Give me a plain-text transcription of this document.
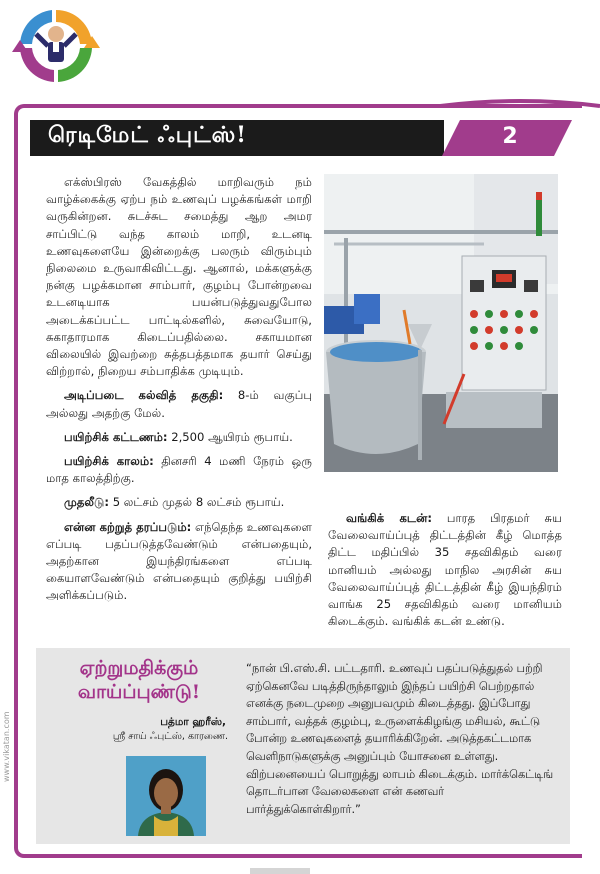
ரெடிமேட் ஃபுட்ஸ்!	2

எக்ஸ்பிரஸ் வேகத்தில் மாறிவரும் நம் வாழ்க்கைக்கு ஏற்ப நம் உணவுப் பழக்கங்கள் மாறி வருகின்றன. சுடச்சுட சமைத்து ஆற அமர சாப்பிட்டு வந்த காலம் மாறி, உடனடி உணவுகளையே இன்றைக்கு பலரும் விரும்பும் நிலைமை உருவாகிவிட்டது. ஆனால், மக்களுக்கு நன்கு பழக்கமான சாம்பார், குழம்பு போன்றவை உடனடியாக பயன்படுத்துவதுபோல அடைக்கப்பட்ட பாட்டில்களில், சுவையோடு, சுகாதாரமாக கிடைப்பதில்லை. சகாயமான விலையில் இவற்றை சுத்தபத்தமாக தயார் செய்து விற்றால், நிறைய சம்பாதிக்க முடியும்.

அடிப்படை கல்வித் தகுதி: 8-ம் வகுப்பு அல்லது அதற்கு மேல்.

பயிற்சிக் கட்டணம்: 2,500 ஆயிரம் ரூபாய்.

பயிற்சிக் காலம்: தினசரி 4 மணி நேரம் ஒரு மாத காலத்திற்கு.

முதலீடு: 5 லட்சம் முதல் 8 லட்சம் ரூபாய்.

என்ன கற்றுத் தரப்படும்: எந்தெந்த உணவுகளை எப்படி பதப்படுத்தவேண்டும் என்பதையும், அதற்கான இயந்திரங்களை எப்படி கையாளவேண்டும் என்பதையும் குறித்து பயிற்சி அளிக்கப்படும்.

வங்கிக் கடன்: பாரத பிரதமர் சுய வேலைவாய்ப்புத் திட்டத்தின் கீழ் மொத்த திட்ட மதிப்பில் 35 சதவிகிதம் வரை மானியம் அல்லது மாநில அரசின் சுய வேலைவாய்ப்புத் திட்டத்தின் கீழ் இயந்திரம் வாங்க 25 சதவிகிதம் வரை மானியம் கிடைக்கும். வங்கிக் கடன் உண்டு.

ஏற்றுமதிக்கும்
வாய்ப்புண்டு!
பத்மா ஹரீஸ்,
ஸ்ரீ சாய் ஃபுட்ஸ், காரணை.
“நான் பி.எஸ்.சி. பட்டதாரி. உணவுப் பதப்படுத்துதல் பற்றி ஏற்கெனவே படித்திருந்தாலும் இந்தப் பயிற்சி பெற்றதால் எனக்கு நடைமுறை அனுபவமும் கிடைத்தது. இப்போது சாம்பார், வத்தக் குழம்பு, உருளைக்கிழங்கு மசியல், கூட்டு போன்ற உணவுகளைத் தயாரிக்கிறேன். அடுத்தகட்டமாக வெளிநாடுகளுக்கு அனுப்பும் யோசனை உள்ளது. விற்பனையைப் பொறுத்து லாபம் கிடைக்கும். மார்க்கெட்டிங் தொடர்பான வேலைகளை என் கணவர் பார்த்துக்கொள்கிறார்.”
www.vikatan.com
